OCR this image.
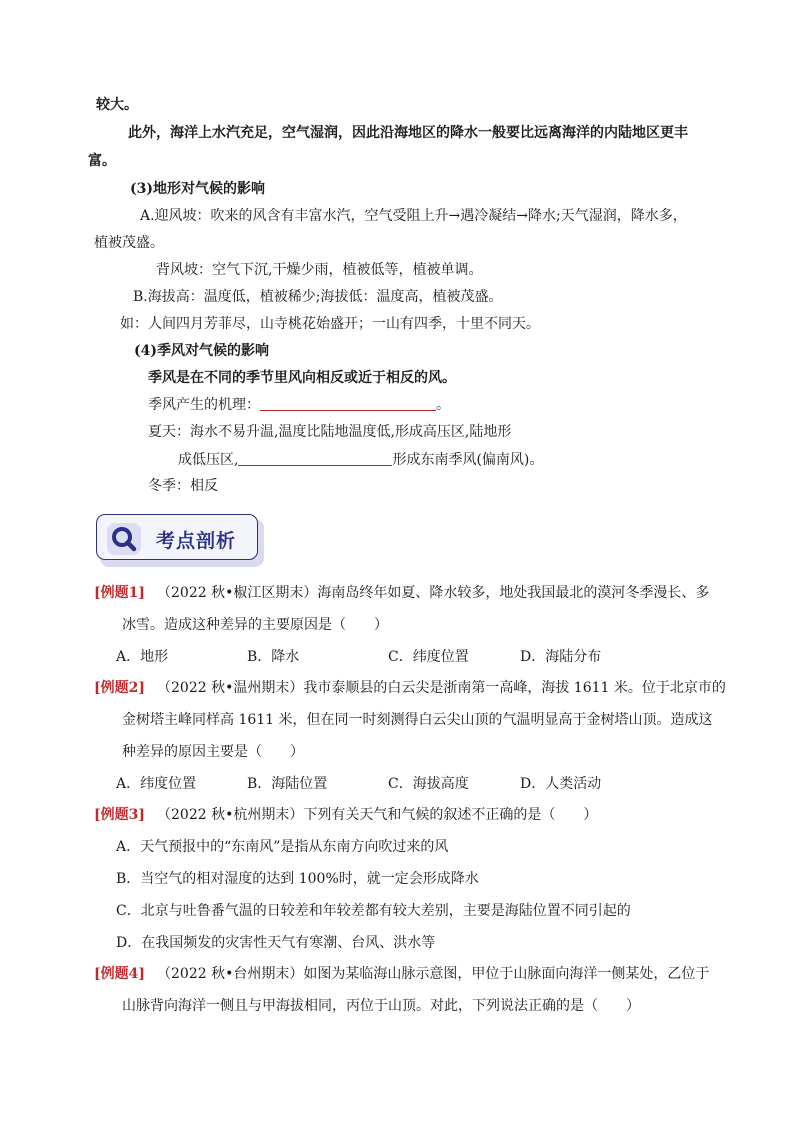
较大。
此外，海洋上水汽充足，空气湿润，因此沿海地区的降水一般要比远离海洋的内陆地区更丰
富。
(3)地形对气候的影响
A.迎风坡：吹来的风含有丰富水汽，空气受阻上升→遇冷凝结→降水;天气湿润，降水多，
植被茂盛。
背风坡：空气下沉,干燥少雨，植被低等，植被单调。
B.海拔高：温度低，植被稀少;海拔低：温度高，植被茂盛。
如：人间四月芳菲尽，山寺桃花始盛开；一山有四季，十里不同天。
(4)季风对气候的影响
季风是在不同的季节里风向相反或近于相反的风。
季风产生的机理：	。
夏天：海水不易升温,温度比陆地温度低,形成高压区,陆地形
成低压区,	形成东南季风(偏南风)。
冬季：相反
考点剖析
[例题1] （2022 秋•椒江区期末）海南岛终年如夏、降水较多，地处我国最北的漠河冬季漫长、多
冰雪。造成这种差异的主要原因是（　　）
A．地形	B．降水	C．纬度位置	D．海陆分布
[例题2] （2022 秋•温州期末）我市泰顺县的白云尖是浙南第一高峰，海拔 1611 米。位于北京市的
金树塔主峰同样高 1611 米，但在同一时刻测得白云尖山顶的气温明显高于金树塔山顶。造成这
种差异的原因主要是（　　）
A．纬度位置	B．海陆位置	C．海拔高度	D．人类活动
[例题3] （2022 秋•杭州期末）下列有关天气和气候的叙述不正确的是（　　）
A．天气预报中的“东南风”是指从东南方向吹过来的风
B．当空气的相对湿度的达到 100%时，就一定会形成降水
C．北京与吐鲁番气温的日较差和年较差都有较大差别，主要是海陆位置不同引起的
D．在我国频发的灾害性天气有寒潮、台风、洪水等
[例题4] （2022 秋•台州期末）如图为某临海山脉示意图，甲位于山脉面向海洋一侧某处，乙位于
山脉背向海洋一侧且与甲海拔相同，丙位于山顶。对此，下列说法正确的是（　　）
